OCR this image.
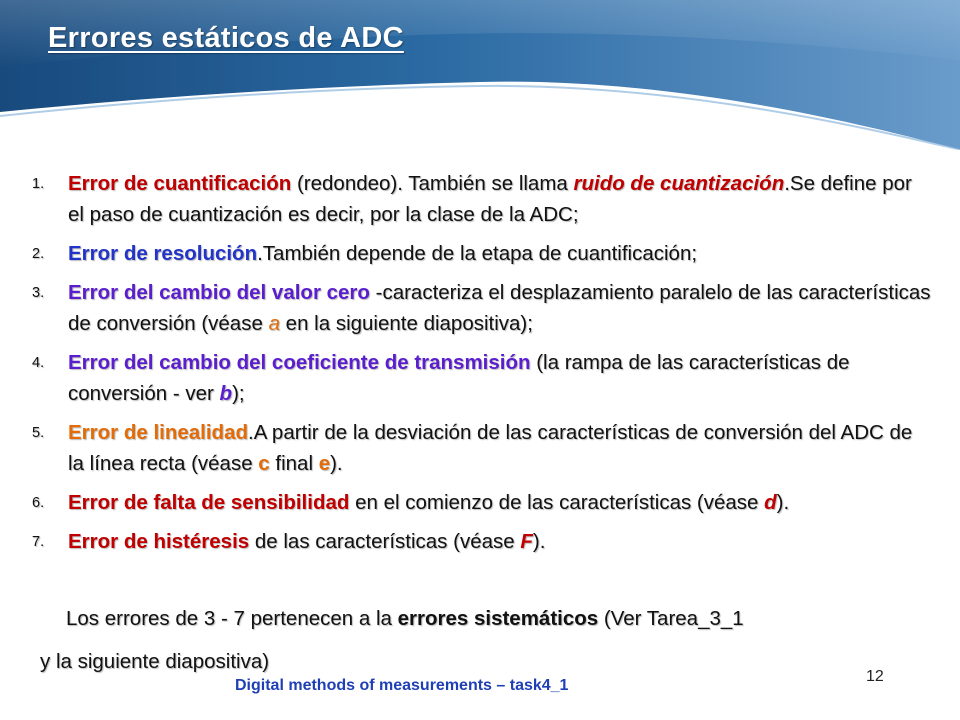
Errores estáticos de ADC
1. Error de cuantificación (redondeo). También se llama ruido de cuantización.Se define por el paso de cuantización es decir, por la clase de la ADC;
2. Error de resolución.También depende de la etapa de cuantificación;
3. Error del cambio del valor cero -caracteriza el desplazamiento paralelo de las características de conversión (véase a en la siguiente diapositiva);
4. Error del cambio del coeficiente de transmisión (la rampa de las características de conversión - ver b);
5. Error de linealidad.A partir de la desviación de las características de conversión del ADC de la línea recta (véase c final e).
6. Error de falta de sensibilidad en el comienzo de las características (véase d).
7. Error de histéresis de las características (véase F).
Los errores de 3 - 7 pertenecen a la errores sistemáticos (Ver Tarea_3_1
y la siguiente diapositiva)
12
Digital methods of measurements – task4_1
